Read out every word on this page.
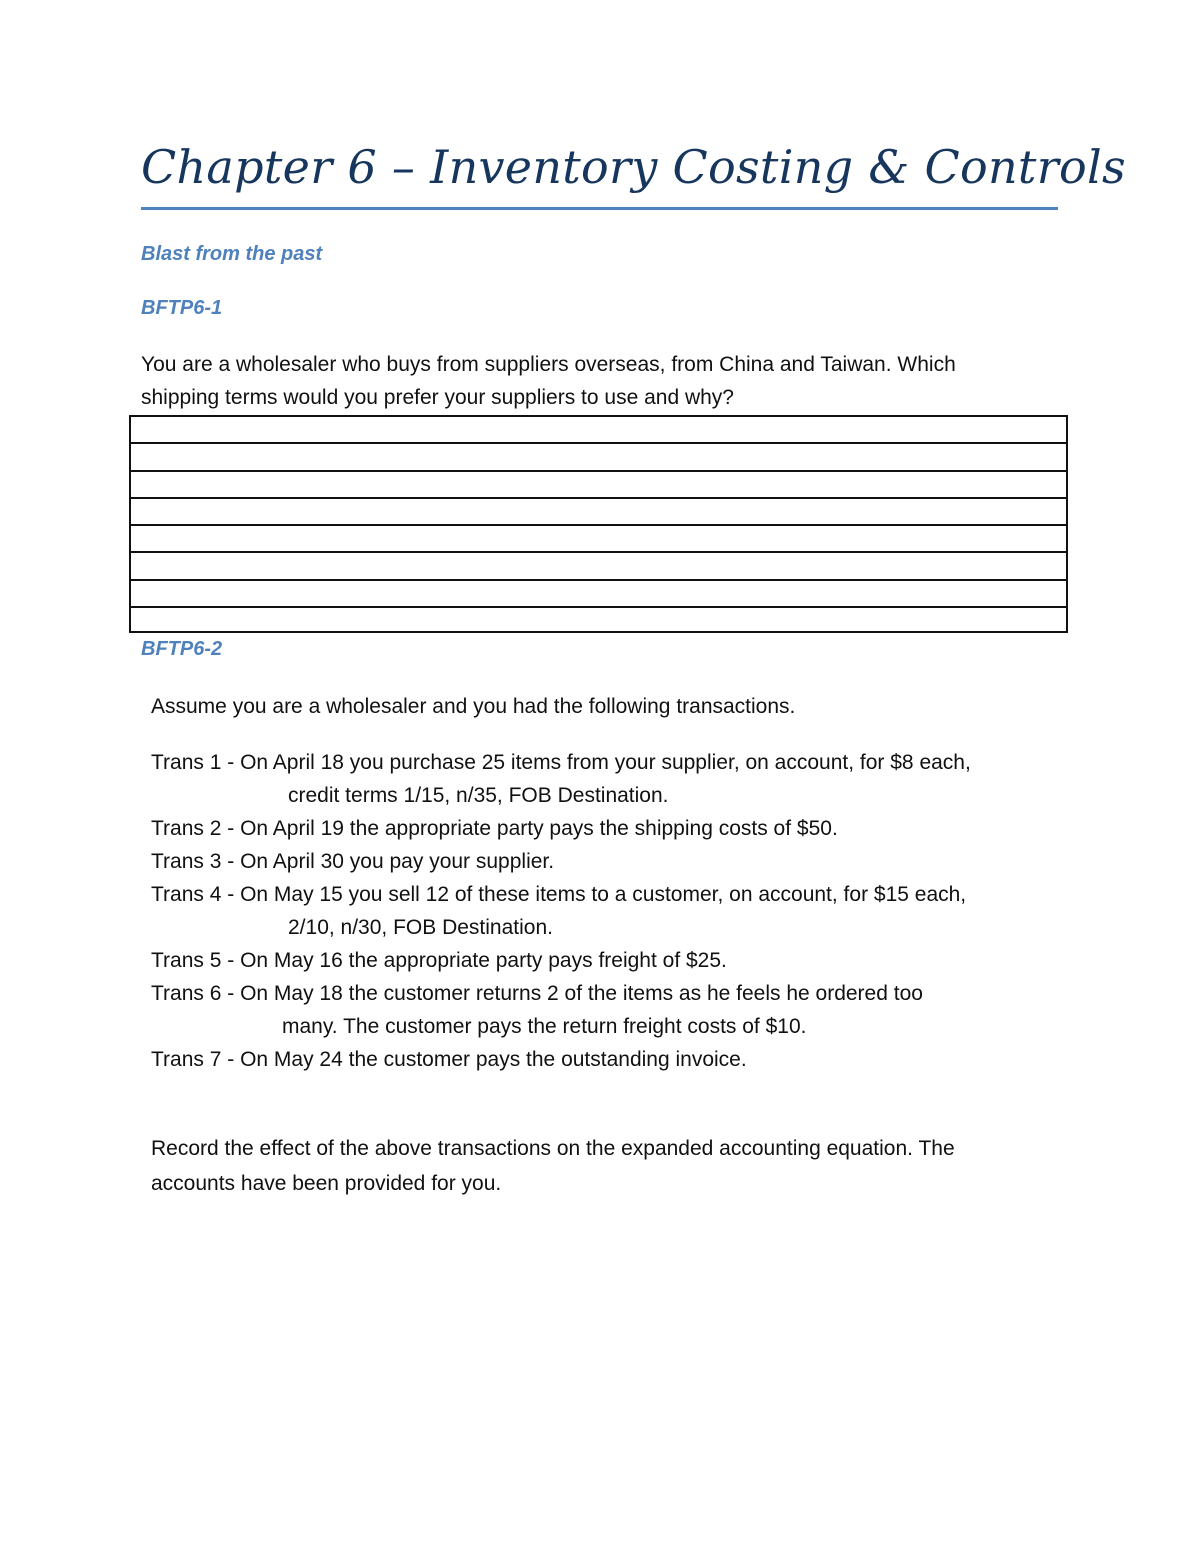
Chapter 6 – Inventory Costing & Controls
Blast from the past
BFTP6-1
You are a wholesaler who buys from suppliers overseas, from China and Taiwan. Which
shipping terms would you prefer your suppliers to use and why?
BFTP6-2
Assume you are a wholesaler and you had the following transactions.
Trans 1 - On April 18 you purchase 25 items from your supplier, on account, for $8 each,
credit terms 1/15, n/35, FOB Destination.
Trans 2 - On April 19 the appropriate party pays the shipping costs of $50.
Trans 3 - On April 30 you pay your supplier.
Trans 4 - On May 15 you sell 12 of these items to a customer, on account, for $15 each,
2/10, n/30, FOB Destination.
Trans 5 - On May 16 the appropriate party pays freight of $25.
Trans 6 - On May 18 the customer returns 2 of the items as he feels he ordered too
many. The customer pays the return freight costs of $10.
Trans 7 - On May 24 the customer pays the outstanding invoice.
Record the effect of the above transactions on the expanded accounting equation. The
accounts have been provided for you.
